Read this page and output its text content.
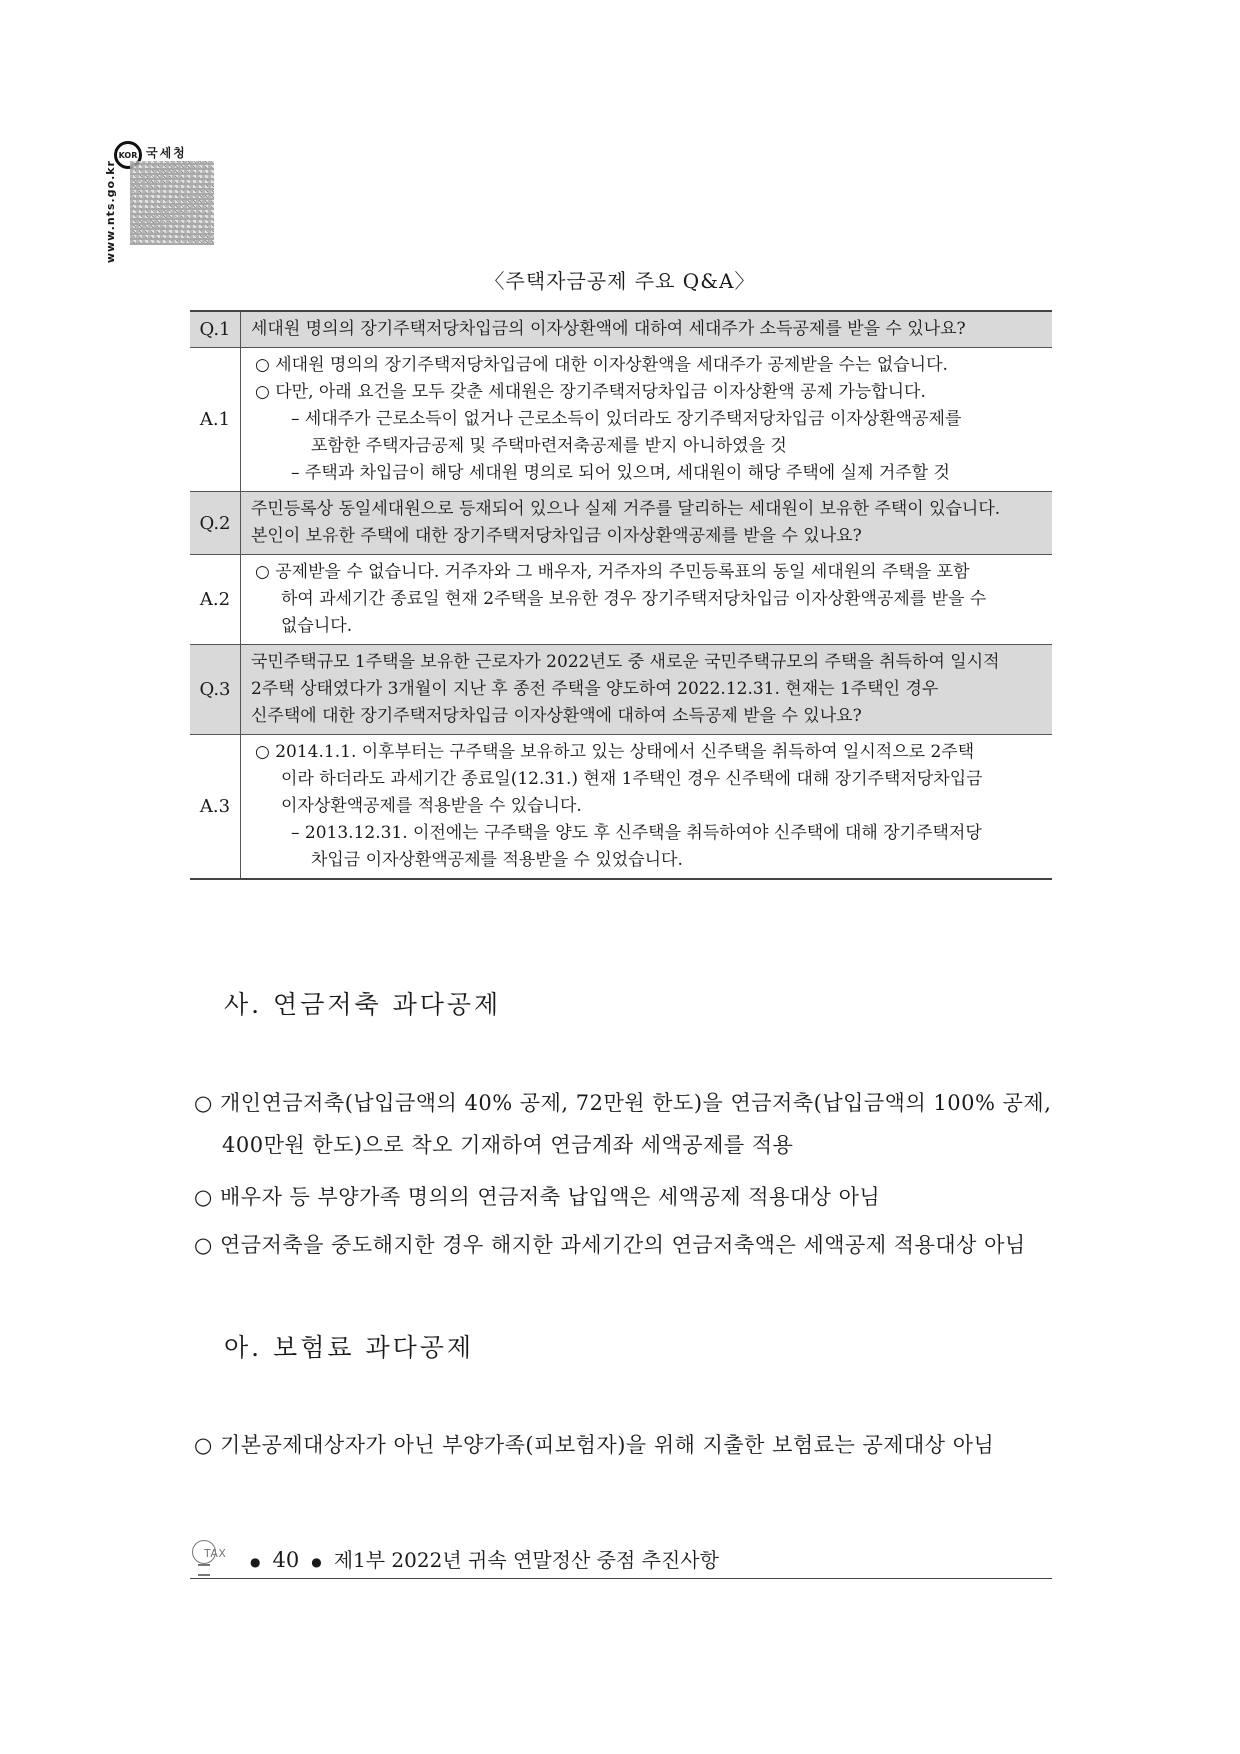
www.nts.go.kr
KOR 국세청
〈주택자금공제 주요 Q&A〉
Q.1	세대원 명의의 장기주택저당차입금의 이자상환액에 대하여 세대주가 소득공제를 받을 수 있나요?

A.1	○ 세대원 명의의 장기주택저당차입금에 대한 이자상환액을 세대주가 공제받을 수는 없습니다.
○ 다만, 아래 요건을 모두 갖춘 세대원은 장기주택저당차입금 이자상환액 공제 가능합니다.
– 세대주가 근로소득이 없거나 근로소득이 있더라도 장기주택저당차입금 이자상환액공제를
포함한 주택자금공제 및 주택마련저축공제를 받지 아니하였을 것
– 주택과 차입금이 해당 세대원 명의로 되어 있으며, 세대원이 해당 주택에 실제 거주할 것

Q.2	주민등록상 동일세대원으로 등재되어 있으나 실제 거주를 달리하는 세대원이 보유한 주택이 있습니다.
본인이 보유한 주택에 대한 장기주택저당차입금 이자상환액공제를 받을 수 있나요?

A.2	○ 공제받을 수 없습니다. 거주자와 그 배우자, 거주자의 주민등록표의 동일 세대원의 주택을 포함
하여 과세기간 종료일 현재 2주택을 보유한 경우 장기주택저당차입금 이자상환액공제를 받을 수
없습니다.

Q.3	국민주택규모 1주택을 보유한 근로자가 2022년도 중 새로운 국민주택규모의 주택을 취득하여 일시적
2주택 상태였다가 3개월이 지난 후 종전 주택을 양도하여 2022.12.31. 현재는 1주택인 경우
신주택에 대한 장기주택저당차입금 이자상환액에 대하여 소득공제 받을 수 있나요?

A.3	○ 2014.1.1. 이후부터는 구주택을 보유하고 있는 상태에서 신주택을 취득하여 일시적으로 2주택
이라 하더라도 과세기간 종료일(12.31.) 현재 1주택인 경우 신주택에 대해 장기주택저당차입금
이자상환액공제를 적용받을 수 있습니다.
– 2013.12.31. 이전에는 구주택을 양도 후 신주택을 취득하여야 신주택에 대해 장기주택저당
차입금 이자상환액공제를 적용받을 수 있었습니다.
사. 연금저축 과다공제
○ 개인연금저축(납입금액의 40% 공제, 72만원 한도)을 연금저축(납입금액의 100% 공제,
400만원 한도)으로 착오 기재하여 연금계좌 세액공제를 적용
○ 배우자 등 부양가족 명의의 연금저축 납입액은 세액공제 적용대상 아님
○ 연금저축을 중도해지한 경우 해지한 과세기간의 연금저축액은 세액공제 적용대상 아님
아. 보험료 과다공제
○ 기본공제대상자가 아닌 부양가족(피보험자)을 위해 지출한 보험료는 공제대상 아님
TAX
● 40 ● 제1부 2022년 귀속 연말정산 중점 추진사항
